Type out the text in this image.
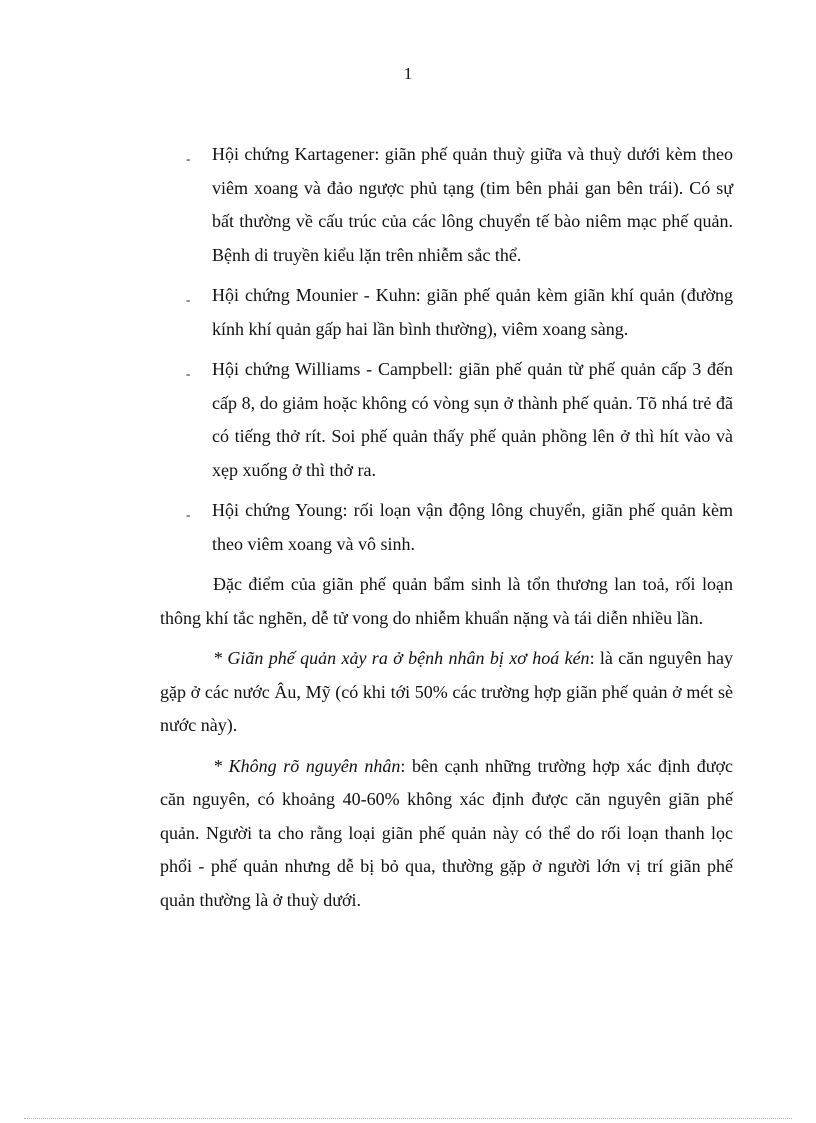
1
- Hội chứng Kartagener: giãn phế quản thuỳ giữa và thuỳ dưới kèm theo viêm xoang và đảo ngược phủ tạng (tim bên phải gan bên trái). Có sự bất thường về cấu trúc của các lông chuyển tế bào niêm mạc phế quản. Bệnh di truyền kiểu lặn trên nhiễm sắc thể.
- Hội chứng Mounier - Kuhn: giãn phế quản kèm giãn khí quản (đường kính khí quản gấp hai lần bình thường), viêm xoang sàng.
- Hội chứng Williams - Campbell: giãn phế quản từ phế quản cấp 3 đến cấp 8, do giảm hoặc không có vòng sụn ở thành phế quản. Tõ nhá trẻ đã có tiếng thở rít. Soi phế quản thấy phế quản phồng lên ở thì hít vào và xẹp xuống ở thì thở ra.
- Hội chứng Young: rối loạn vận động lông chuyển, giãn phế quản kèm theo viêm xoang và vô sinh.

Đặc điểm của giãn phế quản bẩm sinh là tổn thương lan toả, rối loạn thông khí tắc nghẽn, dễ tử vong do nhiễm khuẩn nặng và tái diễn nhiều lần.

* Giãn phế quản xảy ra ở bệnh nhân bị xơ hoá kén: là căn nguyên hay gặp ở các nước Âu, Mỹ (có khi tới 50% các trường hợp giãn phế quản ở mét sè nước này).

* Không rõ nguyên nhân: bên cạnh những trường hợp xác định được căn nguyên, có khoảng 40-60% không xác định được căn nguyên giãn phế quản. Người ta cho rằng loại giãn phế quản này có thể do rối loạn thanh lọc phổi - phế quản nhưng dễ bị bỏ qua, thường gặp ở người lớn vị trí giãn phế quản thường là ở thuỳ dưới.
